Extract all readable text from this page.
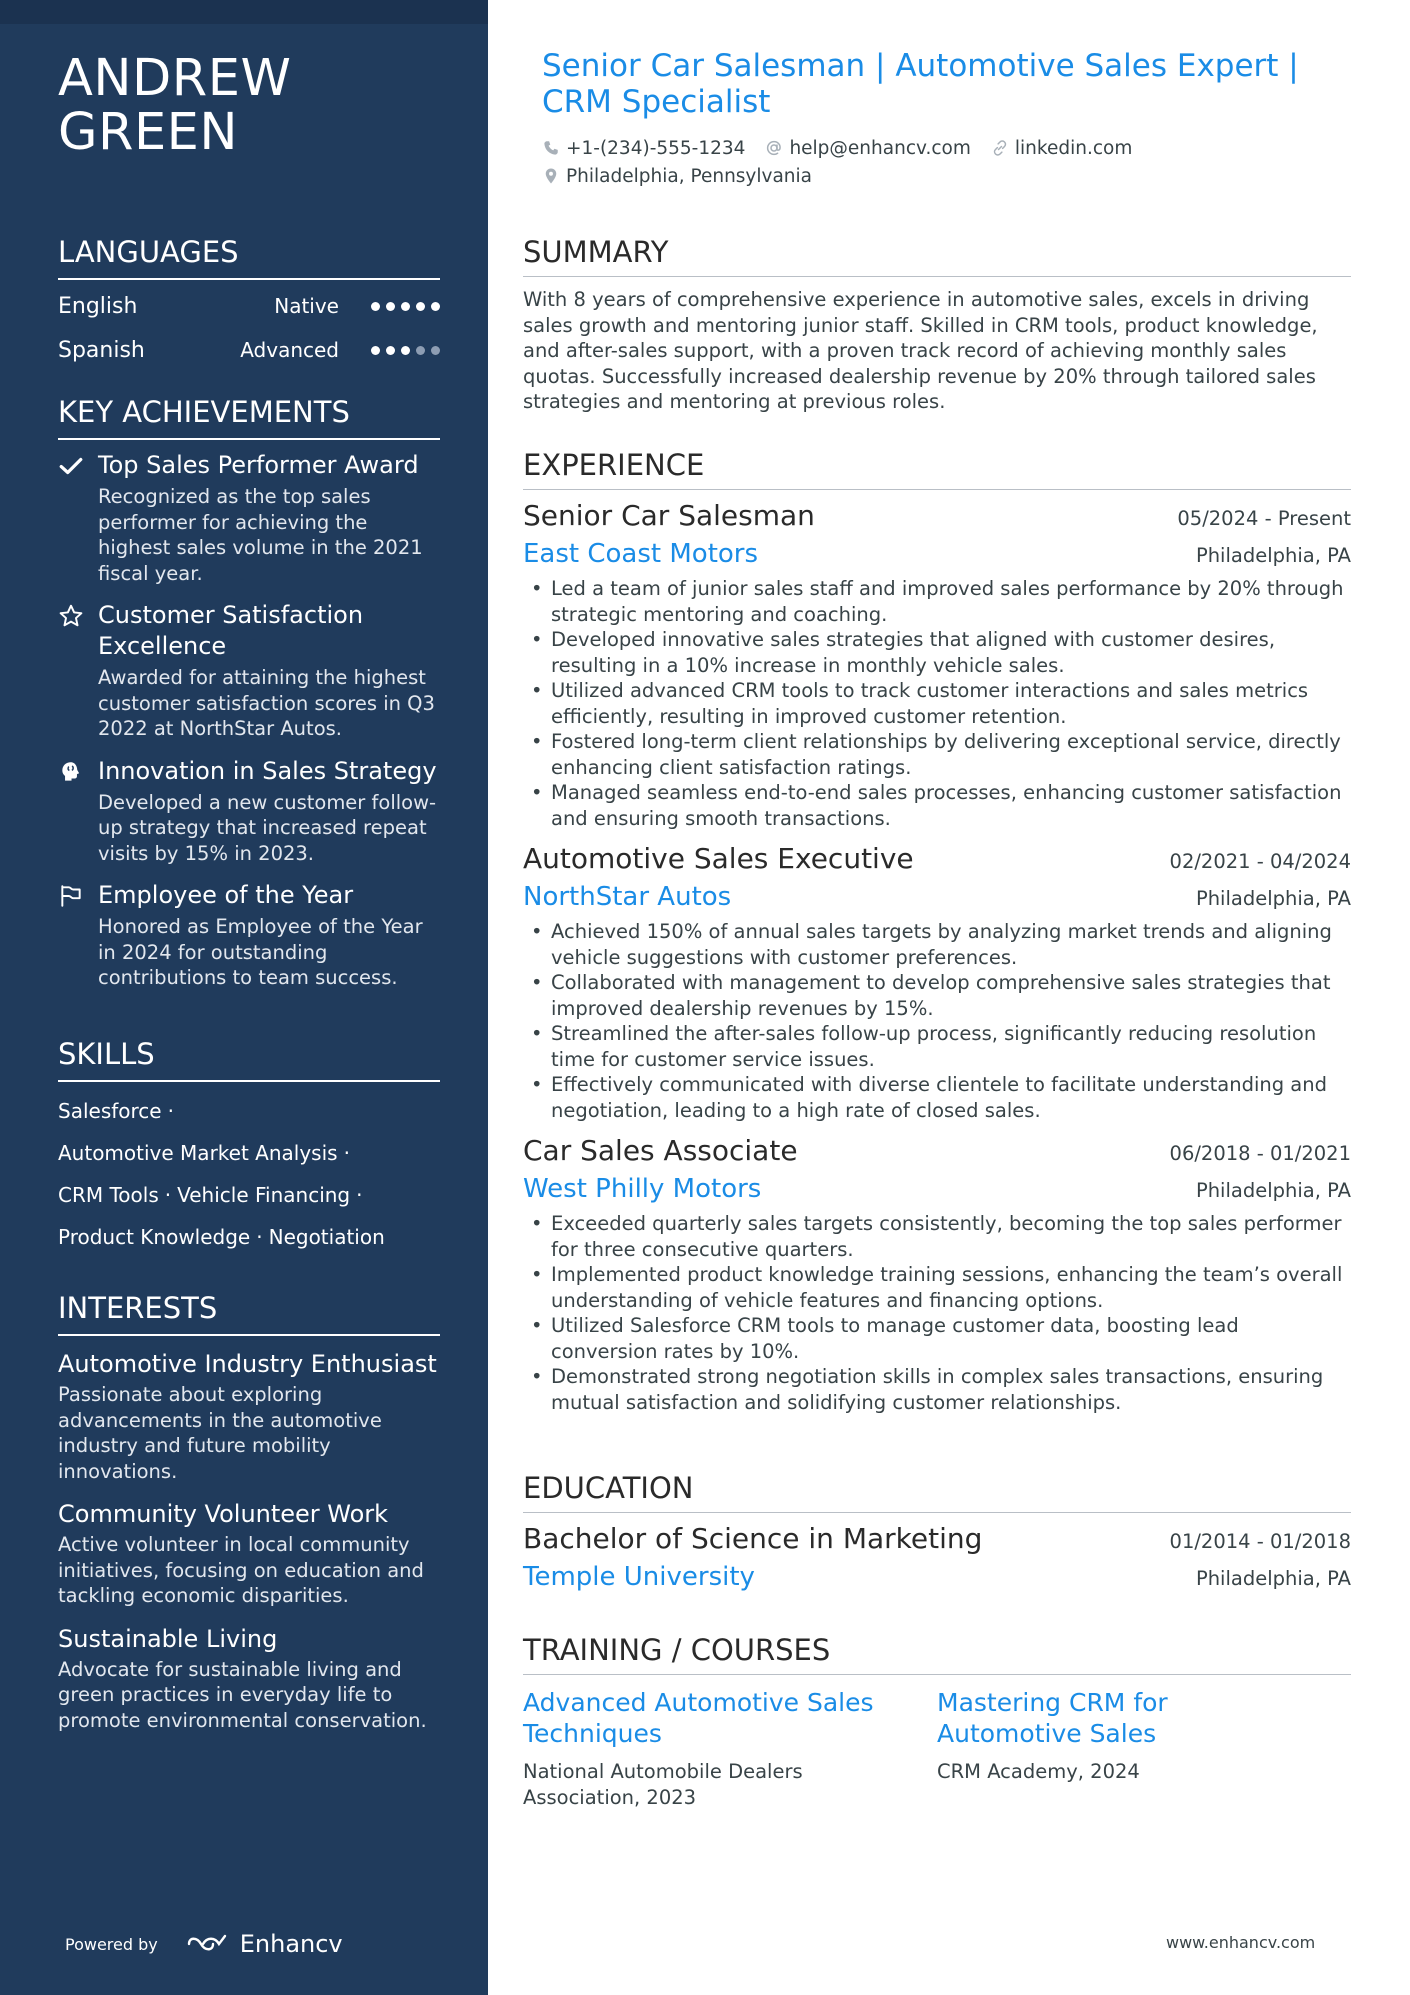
ANDREW GREEN
LANGUAGES
English	Native
Spanish	Advanced
KEY ACHIEVEMENTS
Top Sales Performer Award
Recognized as the top sales performer for achieving the highest sales volume in the 2021 fiscal year.
Customer Satisfaction Excellence
Awarded for attaining the highest customer satisfaction scores in Q3 2022 at NorthStar Autos.
Innovation in Sales Strategy
Developed a new customer follow-up strategy that increased repeat visits by 15% in 2023.
Employee of the Year
Honored as Employee of the Year in 2024 for outstanding contributions to team success.
SKILLS
Salesforce ·
Automotive Market Analysis ·
CRM Tools · Vehicle Financing ·
Product Knowledge · Negotiation
INTERESTS
Automotive Industry Enthusiast
Passionate about exploring advancements in the automotive industry and future mobility innovations.
Community Volunteer Work
Active volunteer in local community initiatives, focusing on education and tackling economic disparities.
Sustainable Living
Advocate for sustainable living and green practices in everyday life to promote environmental conservation.
Powered by	Enhancv
Senior Car Salesman | Automotive Sales Expert | CRM Specialist
+1-(234)-555-1234 help@enhancv.com linkedin.com
Philadelphia, Pennsylvania
SUMMARY
With 8 years of comprehensive experience in automotive sales, excels in driving sales growth and mentoring junior staff. Skilled in CRM tools, product knowledge, and after-sales support, with a proven track record of achieving monthly sales quotas. Successfully increased dealership revenue by 20% through tailored sales strategies and mentoring at previous roles.
EXPERIENCE
Senior Car Salesman	05/2024 - Present
East Coast Motors	Philadelphia, PA
• Led a team of junior sales staff and improved sales performance by 20% through strategic mentoring and coaching.
• Developed innovative sales strategies that aligned with customer desires, resulting in a 10% increase in monthly vehicle sales.
• Utilized advanced CRM tools to track customer interactions and sales metrics efficiently, resulting in improved customer retention.
• Fostered long-term client relationships by delivering exceptional service, directly enhancing client satisfaction ratings.
• Managed seamless end-to-end sales processes, enhancing customer satisfaction and ensuring smooth transactions.
Automotive Sales Executive	02/2021 - 04/2024
NorthStar Autos	Philadelphia, PA
• Achieved 150% of annual sales targets by analyzing market trends and aligning vehicle suggestions with customer preferences.
• Collaborated with management to develop comprehensive sales strategies that improved dealership revenues by 15%.
• Streamlined the after-sales follow-up process, significantly reducing resolution time for customer service issues.
• Effectively communicated with diverse clientele to facilitate understanding and negotiation, leading to a high rate of closed sales.
Car Sales Associate	06/2018 - 01/2021
West Philly Motors	Philadelphia, PA
• Exceeded quarterly sales targets consistently, becoming the top sales performer for three consecutive quarters.
• Implemented product knowledge training sessions, enhancing the team’s overall understanding of vehicle features and financing options.
• Utilized Salesforce CRM tools to manage customer data, boosting lead conversion rates by 10%.
• Demonstrated strong negotiation skills in complex sales transactions, ensuring mutual satisfaction and solidifying customer relationships.
EDUCATION
Bachelor of Science in Marketing	01/2014 - 01/2018
Temple University	Philadelphia, PA
TRAINING / COURSES
Advanced Automotive Sales Techniques
National Automobile Dealers Association, 2023
Mastering CRM for Automotive Sales
CRM Academy, 2024
www.enhancv.com
